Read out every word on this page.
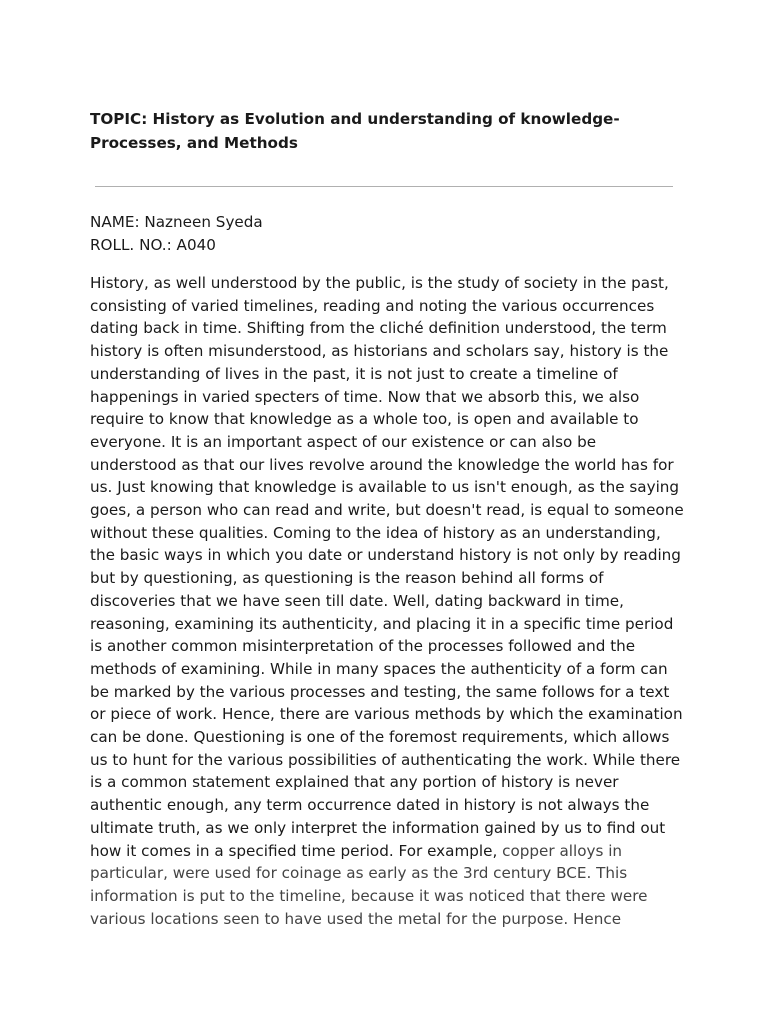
TOPIC: History as Evolution and understanding of knowledge-
Processes, and Methods
NAME: Nazneen Syeda
ROLL. NO.: A040
History, as well understood by the public, is the study of society in the past,
consisting of varied timelines, reading and noting the various occurrences
dating back in time. Shifting from the cliché definition understood, the term
history is often misunderstood, as historians and scholars say, history is the
understanding of lives in the past, it is not just to create a timeline of
happenings in varied specters of time. Now that we absorb this, we also
require to know that knowledge as a whole too, is open and available to
everyone. It is an important aspect of our existence or can also be
understood as that our lives revolve around the knowledge the world has for
us. Just knowing that knowledge is available to us isn't enough, as the saying
goes, a person who can read and write, but doesn't read, is equal to someone
without these qualities. Coming to the idea of history as an understanding,
the basic ways in which you date or understand history is not only by reading
but by questioning, as questioning is the reason behind all forms of
discoveries that we have seen till date. Well, dating backward in time,
reasoning, examining its authenticity, and placing it in a specific time period
is another common misinterpretation of the processes followed and the
methods of examining. While in many spaces the authenticity of a form can
be marked by the various processes and testing, the same follows for a text
or piece of work. Hence, there are various methods by which the examination
can be done. Questioning is one of the foremost requirements, which allows
us to hunt for the various possibilities of authenticating the work. While there
is a common statement explained that any portion of history is never
authentic enough, any term occurrence dated in history is not always the
ultimate truth, as we only interpret the information gained by us to find out
how it comes in a specified time period. For example, copper alloys in
particular, were used for coinage as early as the 3rd century BCE. This
information is put to the timeline, because it was noticed that there were
various locations seen to have used the metal for the purpose. Hence
